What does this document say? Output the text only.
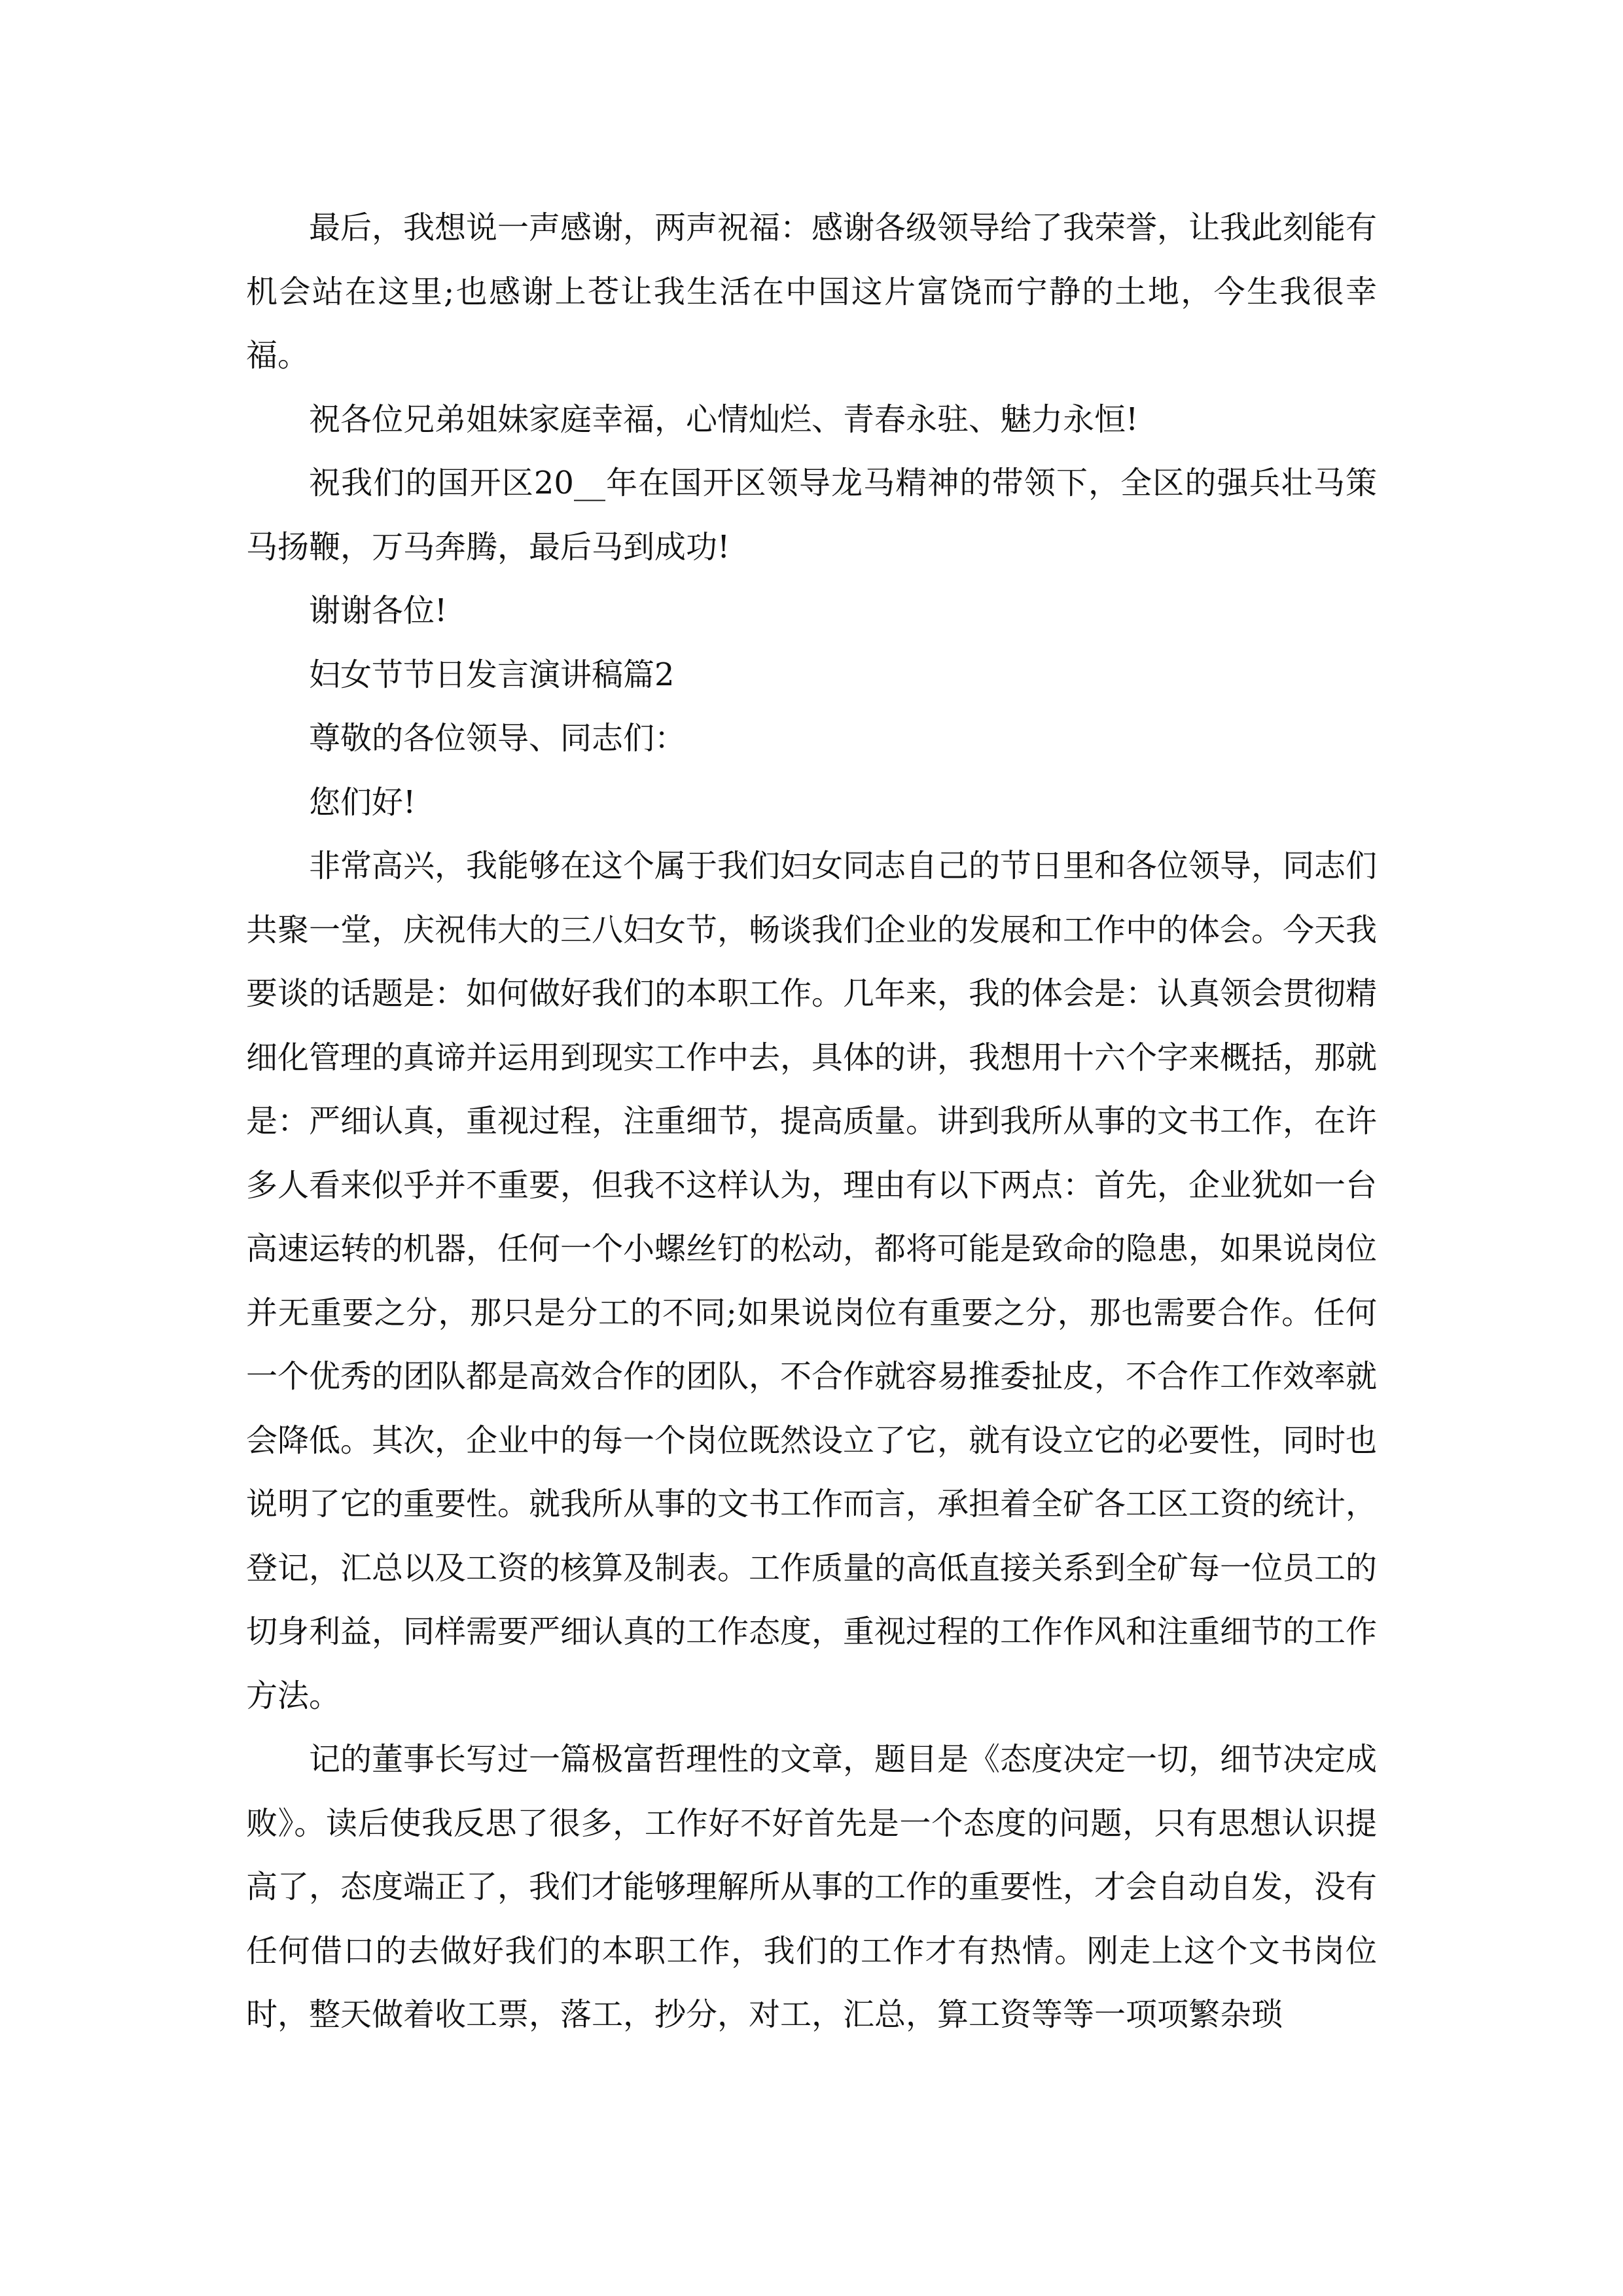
最后，我想说一声感谢，两声祝福：感谢各级领导给了我荣誉，让我此刻能有机会站在这里;也感谢上苍让我生活在中国这片富饶而宁静的土地，今生我很幸福。

祝各位兄弟姐妹家庭幸福，心情灿烂、青春永驻、魅力永恒!

祝我们的国开区20__年在国开区领导龙马精神的带领下，全区的强兵壮马策马扬鞭，万马奔腾，最后马到成功!

谢谢各位!

妇女节节日发言演讲稿篇2

尊敬的各位领导、同志们：

您们好!

非常高兴，我能够在这个属于我们妇女同志自己的节日里和各位领导，同志们共聚一堂，庆祝伟大的三八妇女节，畅谈我们企业的发展和工作中的体会。今天我要谈的话题是：如何做好我们的本职工作。几年来，我的体会是：认真领会贯彻精细化管理的真谛并运用到现实工作中去，具体的讲，我想用十六个字来概括，那就是：严细认真，重视过程，注重细节，提高质量。讲到我所从事的文书工作，在许多人看来似乎并不重要，但我不这样认为，理由有以下两点：首先，企业犹如一台高速运转的机器，任何一个小螺丝钉的松动，都将可能是致命的隐患，如果说岗位并无重要之分，那只是分工的不同;如果说岗位有重要之分，那也需要合作。任何一个优秀的团队都是高效合作的团队，不合作就容易推委扯皮，不合作工作效率就会降低。其次，企业中的每一个岗位既然设立了它，就有设立它的必要性，同时也说明了它的重要性。就我所从事的文书工作而言，承担着全矿各工区工资的统计，登记，汇总以及工资的核算及制表。工作质量的高低直接关系到全矿每一位员工的切身利益，同样需要严细认真的工作态度，重视过程的工作作风和注重细节的工作方法。

记的董事长写过一篇极富哲理性的文章，题目是《态度决定一切，细节决定成败》。读后使我反思了很多，工作好不好首先是一个态度的问题，只有思想认识提高了，态度端正了，我们才能够理解所从事的工作的重要性，才会自动自发，没有任何借口的去做好我们的本职工作，我们的工作才有热情。刚走上这个文书岗位时，整天做着收工票，落工，抄分，对工，汇总，算工资等等一项项繁杂琐
